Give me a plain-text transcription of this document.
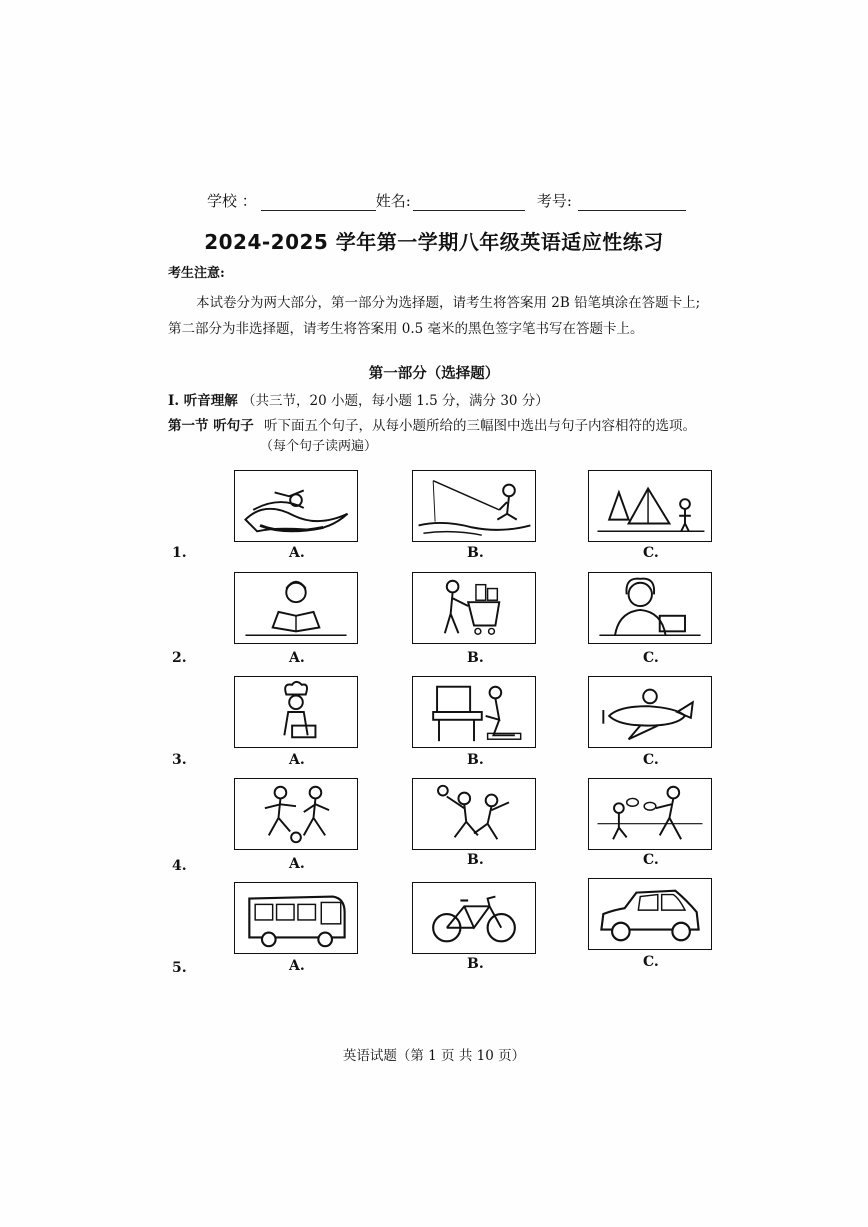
学校 ：	姓名:	考号:
2024-2025 学年第一学期八年级英语适应性练习
考生注意:
本试卷分为两大部分，第一部分为选择题，请考生将答案用 2B 铅笔填涂在答题卡上;
第二部分为非选择题，请考生将答案用 0.5 毫米的黑色签字笔书写在答题卡上。
第一部分（选择题）
I. 听音理解 （共三节，20 小题，每小题 1.5 分，满分 30 分）
第一节 听句子 听下面五个句子，从每小题所给的三幅图中选出与句子内容相符的选项。
（每个句子读两遍）
1.	A.	B.	C.
2.	A.	B.	C.
3.	A.	B.	C.
4.	A.	B.	C.
5.	A.	B.	C.
英语试题（第 1 页 共 10 页）
